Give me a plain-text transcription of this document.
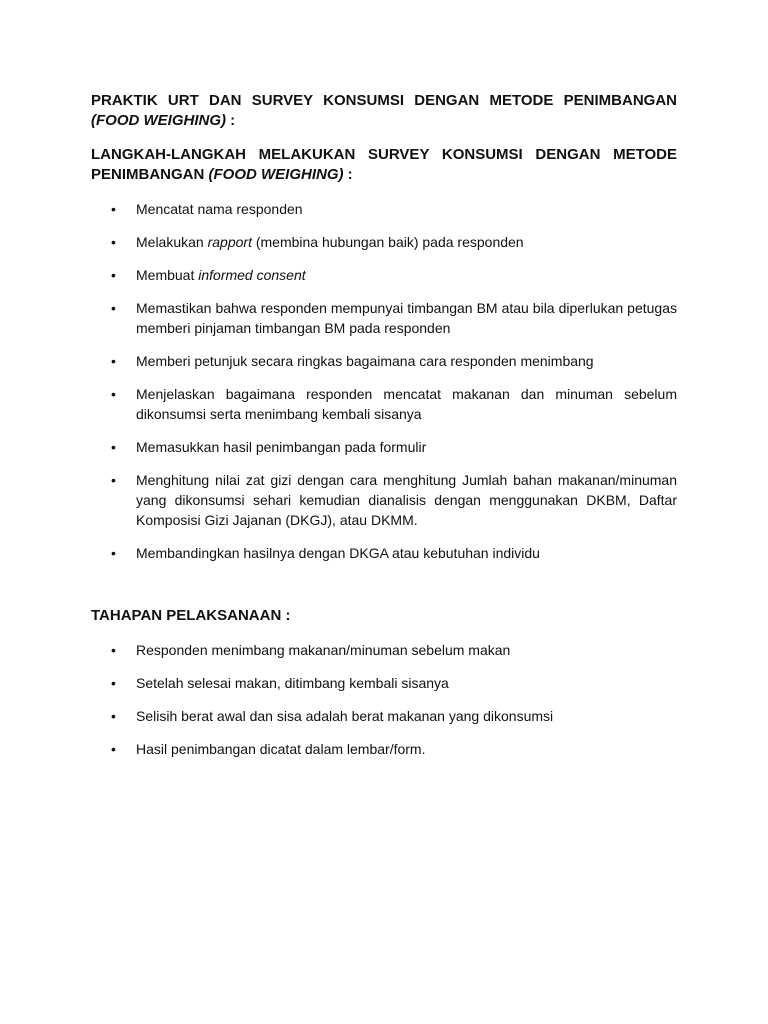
PRAKTIK URT DAN SURVEY KONSUMSI DENGAN METODE PENIMBANGAN (FOOD WEIGHING) :

LANGKAH-LANGKAH MELAKUKAN SURVEY KONSUMSI DENGAN METODE PENIMBANGAN (FOOD WEIGHING) :

• Mencatat nama responden
• Melakukan rapport (membina hubungan baik) pada responden
• Membuat informed consent
• Memastikan bahwa responden mempunyai timbangan BM atau bila diperlukan petugas memberi pinjaman timbangan BM pada responden
• Memberi petunjuk secara ringkas bagaimana cara responden menimbang
• Menjelaskan bagaimana responden mencatat makanan dan minuman sebelum dikonsumsi serta menimbang kembali sisanya
• Memasukkan hasil penimbangan pada formulir
• Menghitung nilai zat gizi dengan cara menghitung Jumlah bahan makanan/minuman yang dikonsumsi sehari kemudian dianalisis dengan menggunakan DKBM, Daftar Komposisi Gizi Jajanan (DKGJ), atau DKMM.
• Membandingkan hasilnya dengan DKGA atau kebutuhan individu

TAHAPAN PELAKSANAAN :

• Responden menimbang makanan/minuman sebelum makan
• Setelah selesai makan, ditimbang kembali sisanya
• Selisih berat awal dan sisa adalah berat makanan yang dikonsumsi
• Hasil penimbangan dicatat dalam lembar/form.
